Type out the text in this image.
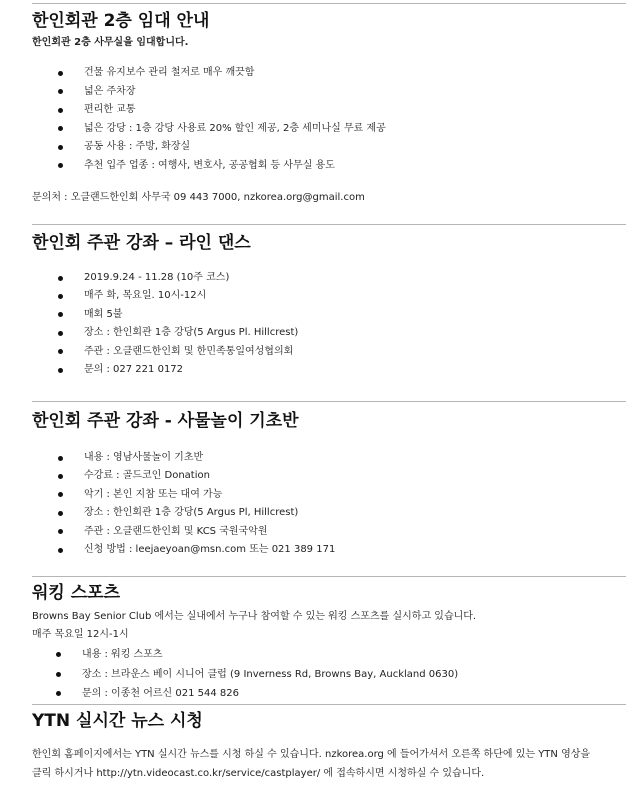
한인회관 2층 임대 안내

한인회관 2층 사무실을 임대합니다.

건물 유지보수 관리 철저로 매우 깨끗함
넓은 주차장
편리한 교통
넓은 강당 : 1층 강당 사용료 20% 할인 제공, 2층 세미나실 무료 제공
공동 사용 : 주방, 화장실
추천 입주 업종 : 여행사, 변호사, 공공협회 등 사무실 용도

문의처 : 오클랜드한인회 사무국 09 443 7000, nzkorea.org@gmail.com

한인회 주관 강좌 – 라인 댄스
2019.9.24 - 11.28 (10주 코스)
매주 화, 목요일. 10시-12시
매회 5불
장소 : 한인회관 1층 강당(5 Argus Pl. Hillcrest)
주관 : 오클랜드한인회 및 한민족통일여성협의회
문의 : 027 221 0172
한인회 주관 강좌 - 사물놀이 기초반
내용 : 영남사물놀이 기초반
수강료 : 골드코인 Donation
악기 : 본인 지참 또는 대여 가능
장소 : 한인회관 1층 강당(5 Argus Pl, Hillcrest)
주관 : 오클랜드한인회 및 KCS 국원국악원
신청 방법 : leejaeyoan@msn.com 또는 021 389 171
워킹 스포츠

Browns Bay Senior Club 에서는 실내에서 누구나 참여할 수 있는 워킹 스포츠를 실시하고 있습니다.

매주 목요일 12시-1시

내용 : 워킹 스포츠
장소 : 브라운스 베이 시니어 클럽 (9 Inverness Rd, Browns Bay, Auckland 0630)
문의 : 이종천 어르신 021 544 826
YTN 실시간 뉴스 시청

한인회 홈페이지에서는 YTN 실시간 뉴스를 시청 하실 수 있습니다. nzkorea.org 에 들어가셔서 오른쪽 하단에 있는 YTN 영상을 클릭 하시거나 http://ytn.videocast.co.kr/service/castplayer/ 에 접속하시면 시청하실 수 있습니다.
